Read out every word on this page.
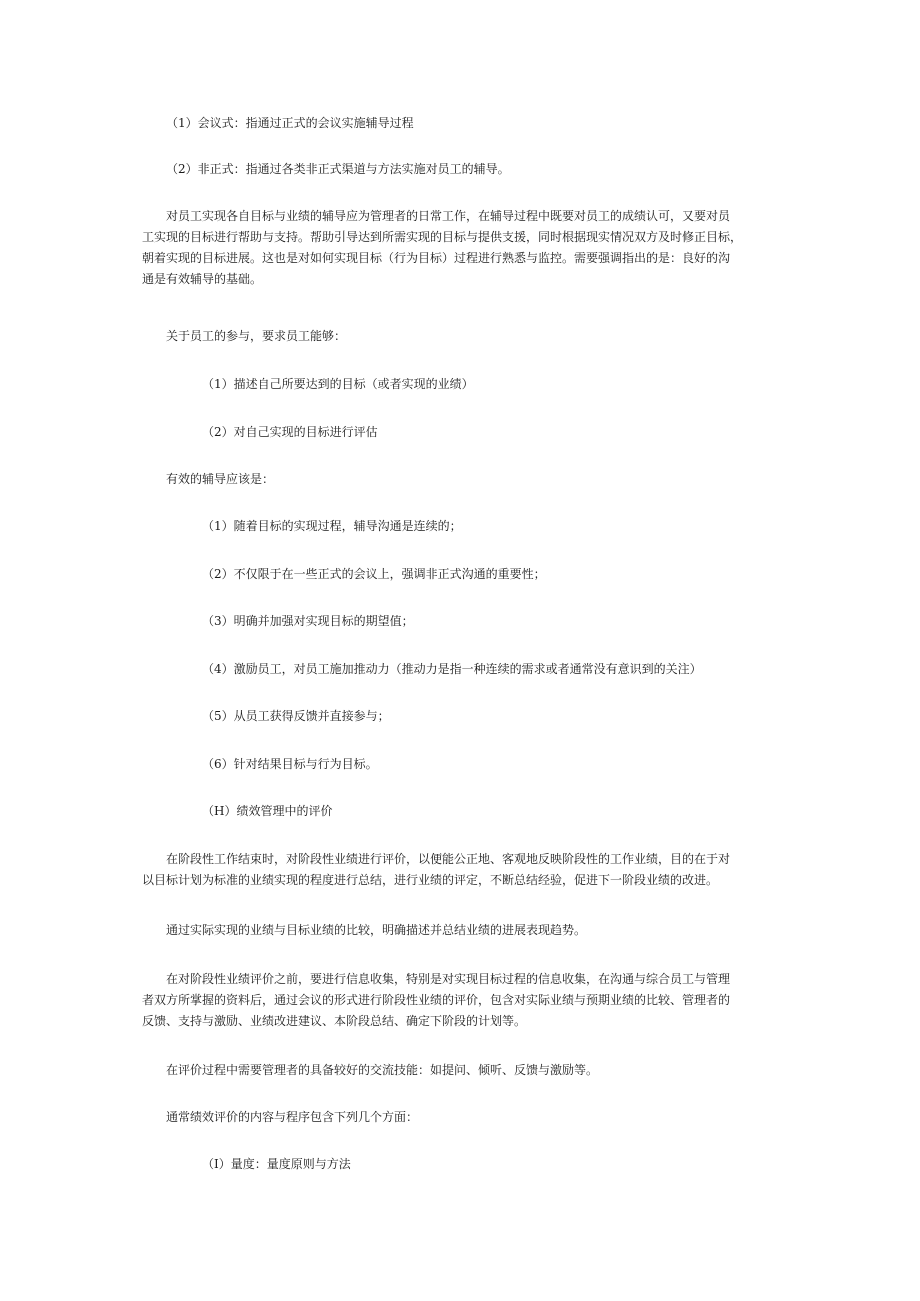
（1）会议式：指通过正式的会议实施辅导过程

（2）非正式：指通过各类非正式渠道与方法实施对员工的辅导。

对员工实现各自目标与业绩的辅导应为管理者的日常工作，在辅导过程中既要对员工的成绩认可，又要对员
工实现的目标进行帮助与支持。帮助引导达到所需实现的目标与提供支援，同时根据现实情况双方及时修正目标，
朝着实现的目标进展。这也是对如何实现目标（行为目标）过程进行熟悉与监控。需要强调指出的是：良好的沟
通是有效辅导的基础。

关于员工的参与，要求员工能够：

（1）描述自己所要达到的目标（或者实现的业绩）

（2）对自己实现的目标进行评估

有效的辅导应该是：

（1）随着目标的实现过程，辅导沟通是连续的；

（2）不仅限于在一些正式的会议上，强调非正式沟通的重要性；

（3）明确并加强对实现目标的期望值；

（4）激励员工，对员工施加推动力（推动力是指一种连续的需求或者通常没有意识到的关注）

（5）从员工获得反馈并直接参与；

（6）针对结果目标与行为目标。

（H）绩效管理中的评价

在阶段性工作结束时，对阶段性业绩进行评价，以便能公正地、客观地反映阶段性的工作业绩，目的在于对
以目标计划为标准的业绩实现的程度进行总结，进行业绩的评定，不断总结经验，促进下一阶段业绩的改进。

通过实际实现的业绩与目标业绩的比较，明确描述并总结业绩的进展表现趋势。

在对阶段性业绩评价之前，要进行信息收集，特别是对实现目标过程的信息收集，在沟通与综合员工与管理
者双方所掌握的资料后，通过会议的形式进行阶段性业绩的评价，包含对实际业绩与预期业绩的比较、管理者的
反馈、支持与激励、业绩改进建议、本阶段总结、确定下阶段的计划等。

在评价过程中需要管理者的具备较好的交流技能：如提问、倾听、反馈与激励等。

通常绩效评价的内容与程序包含下列几个方面：

（I）量度：量度原则与方法
